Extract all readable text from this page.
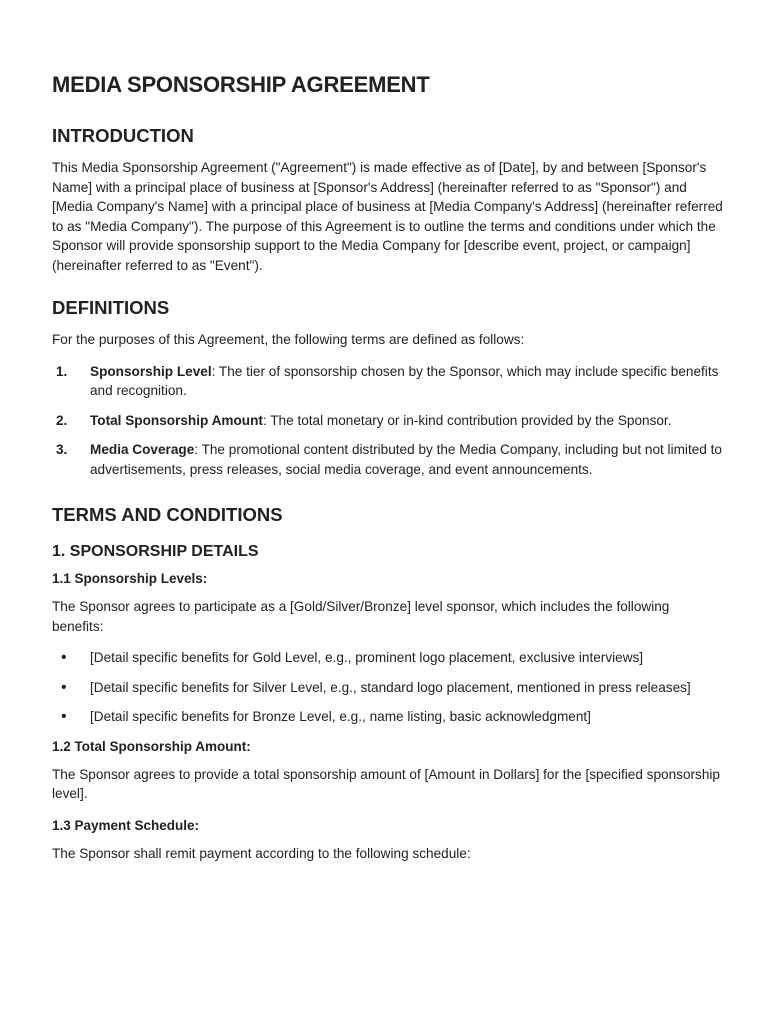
MEDIA SPONSORSHIP AGREEMENT
INTRODUCTION

This Media Sponsorship Agreement ("Agreement") is made effective as of [Date], by and between [Sponsor's Name] with a principal place of business at [Sponsor's Address] (hereinafter referred to as "Sponsor") and [Media Company's Name] with a principal place of business at [Media Company's Address] (hereinafter referred to as "Media Company"). The purpose of this Agreement is to outline the terms and conditions under which the Sponsor will provide sponsorship support to the Media Company for [describe event, project, or campaign] (hereinafter referred to as "Event").

DEFINITIONS

For the purposes of this Agreement, the following terms are defined as follows:

1. Sponsorship Level: The tier of sponsorship chosen by the Sponsor, which may include specific benefits and recognition.
2. Total Sponsorship Amount: The total monetary or in-kind contribution provided by the Sponsor.
3. Media Coverage: The promotional content distributed by the Media Company, including but not limited to advertisements, press releases, social media coverage, and event announcements.
TERMS AND CONDITIONS
1. SPONSORSHIP DETAILS
1.1 Sponsorship Levels:

The Sponsor agrees to participate as a [Gold/Silver/Bronze] level sponsor, which includes the following benefits:

• [Detail specific benefits for Gold Level, e.g., prominent logo placement, exclusive interviews]
• [Detail specific benefits for Silver Level, e.g., standard logo placement, mentioned in press releases]
• [Detail specific benefits for Bronze Level, e.g., name listing, basic acknowledgment]
1.2 Total Sponsorship Amount:

The Sponsor agrees to provide a total sponsorship amount of [Amount in Dollars] for the [specified sponsorship level].

1.3 Payment Schedule:

The Sponsor shall remit payment according to the following schedule:
